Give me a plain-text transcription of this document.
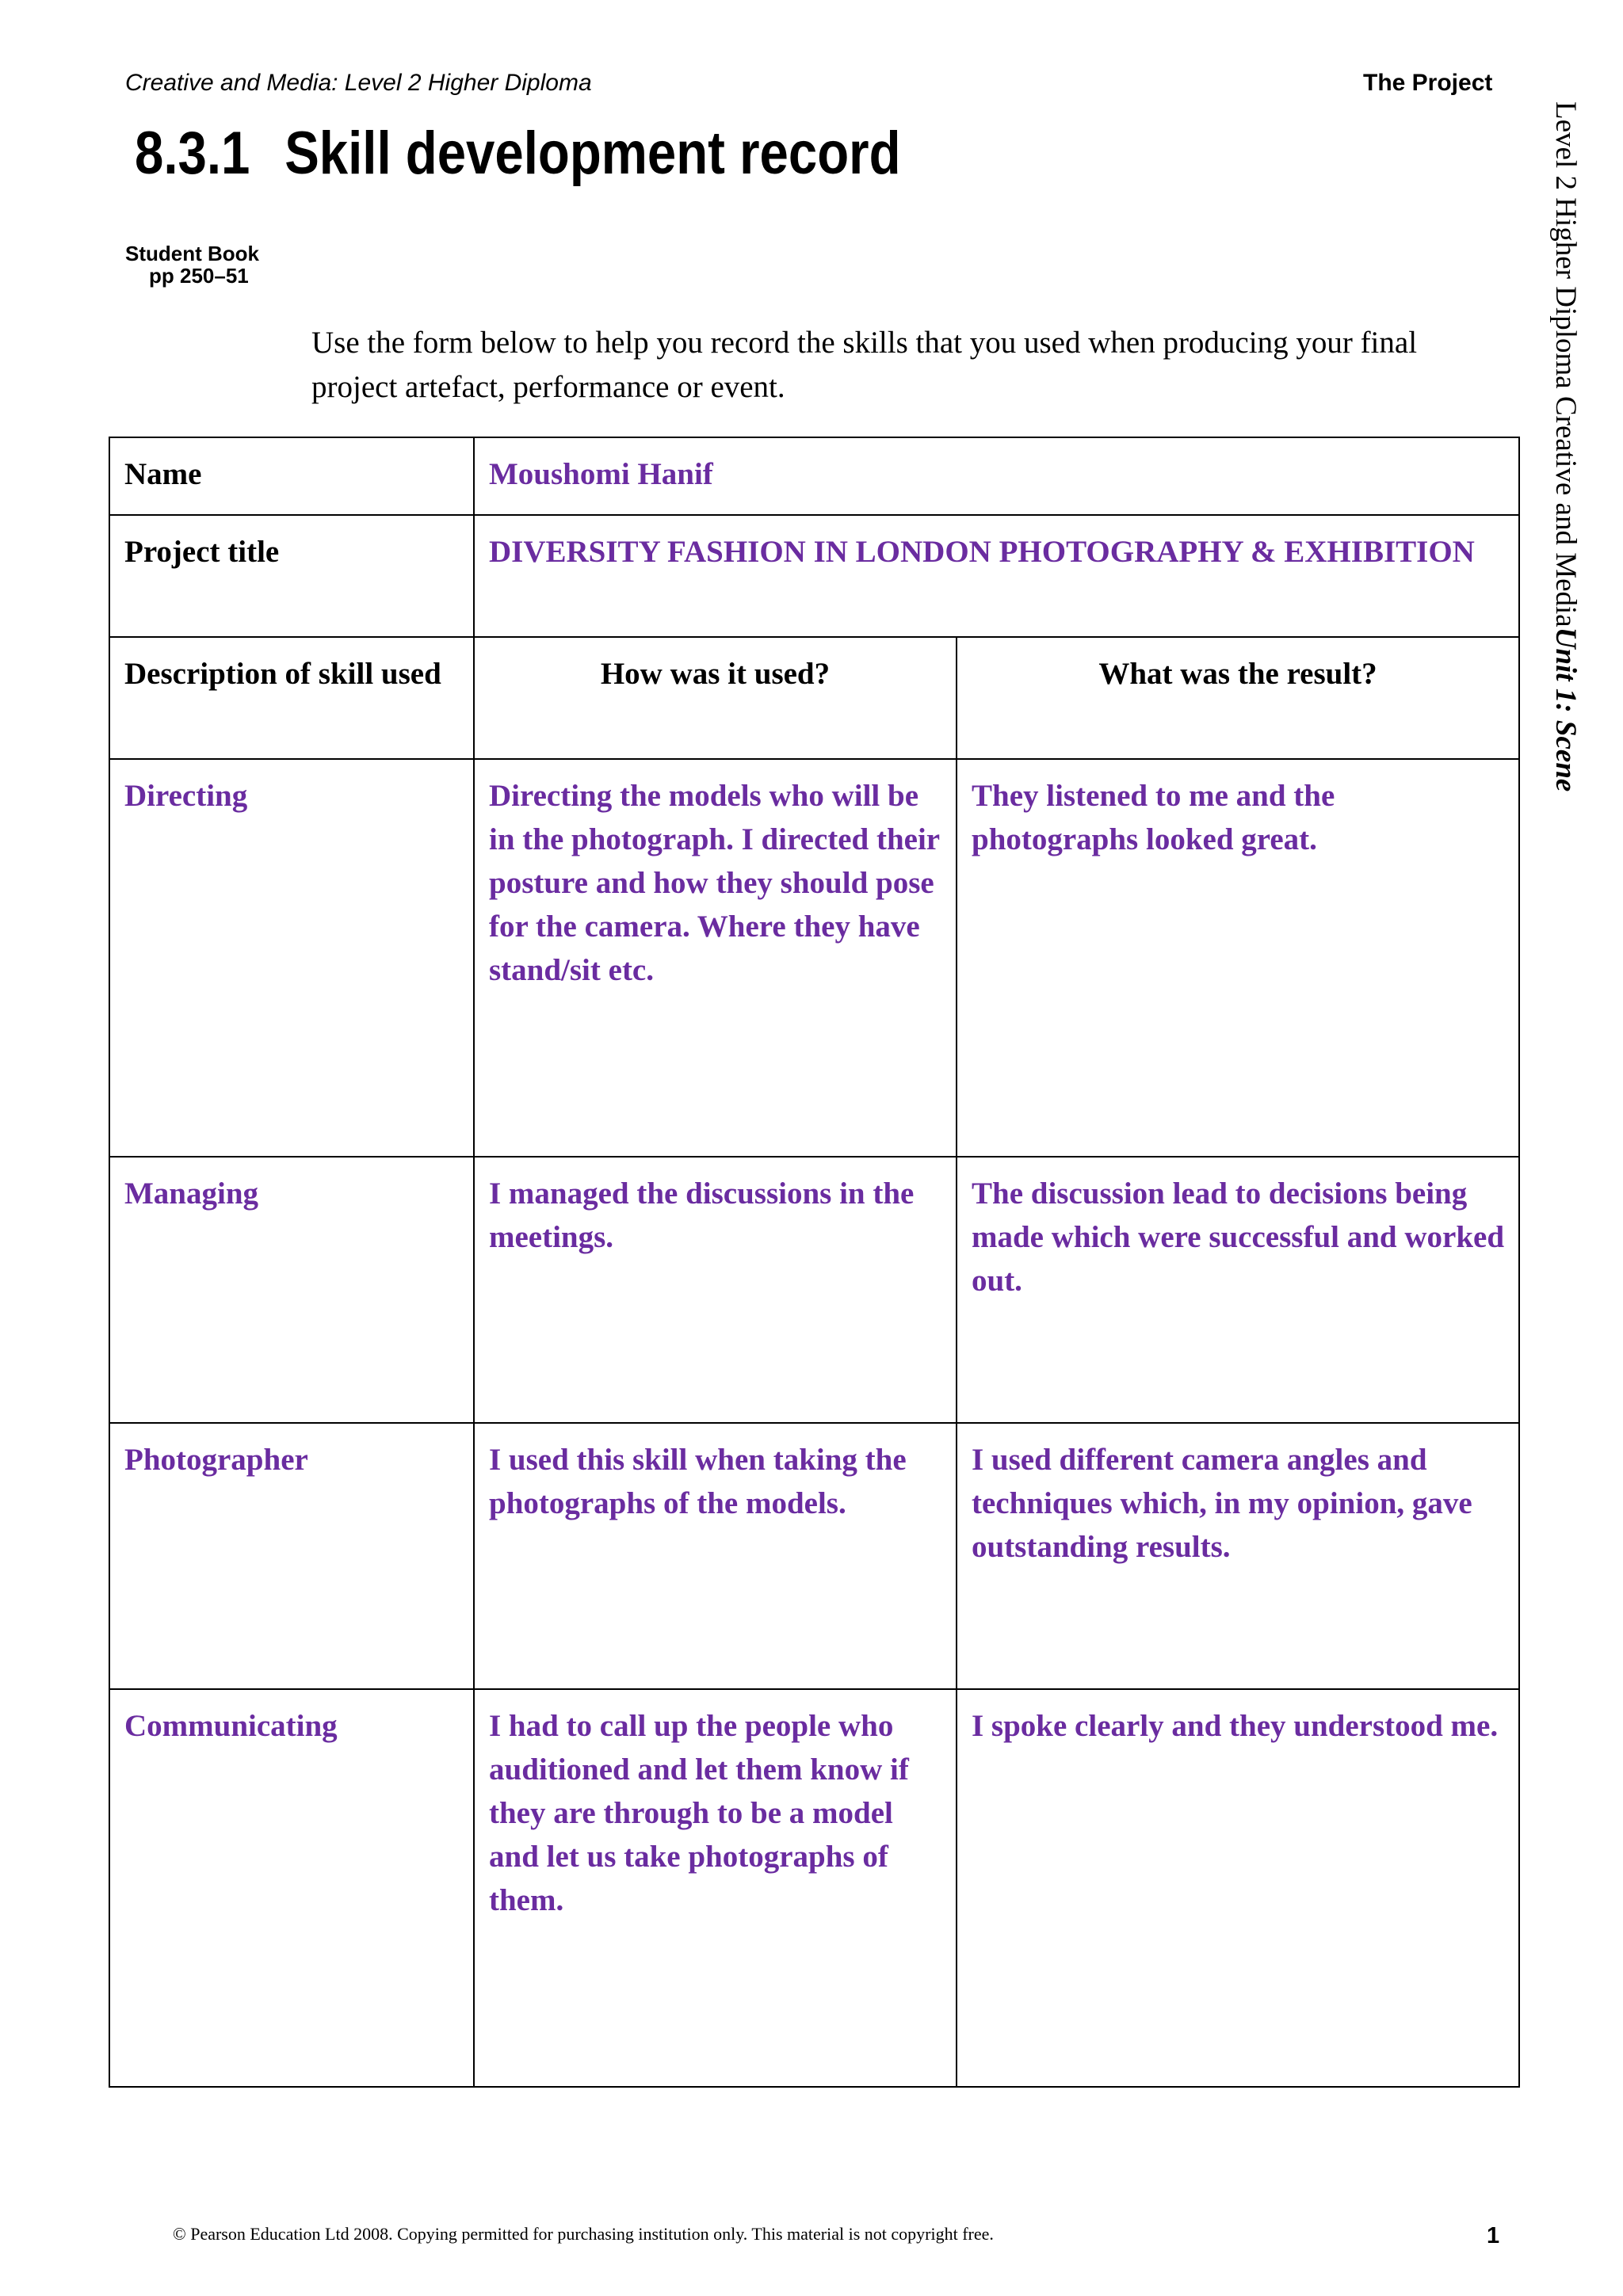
Creative and Media: Level 2 Higher Diploma	The Project
8.3.1 Skill development record	Level 2 Higher Diploma Creative and MediaUnit 1: Scene
Student Book
pp 250–51
Use the form below to help you record the skills that you used when producing your final project artefact, performance or event.
Name	Moushomi Hanif	
Project title	DIVERSITY FASHION IN LONDON PHOTOGRAPHY & EXHIBITION	
Description of skill used	How was it used?	What was the result?
Directing	Directing the models who will be in the photograph. I directed their posture and how they should pose for the camera. Where they have stand/sit etc.	They listened to me and the photographs looked great.
Managing	I managed the discussions in the meetings.	The discussion lead to decisions being made which were successful and worked out.
Photographer	I used this skill when taking the photographs of the models.	I used different camera angles and techniques which, in my opinion, gave outstanding results.
Communicating	I had to call up the people who auditioned and let them know if they are through to be a model and let us take photographs of them.	I spoke clearly and they understood me.
© Pearson Education Ltd 2008. Copying permitted for purchasing institution only. This material is not copyright free.	1
